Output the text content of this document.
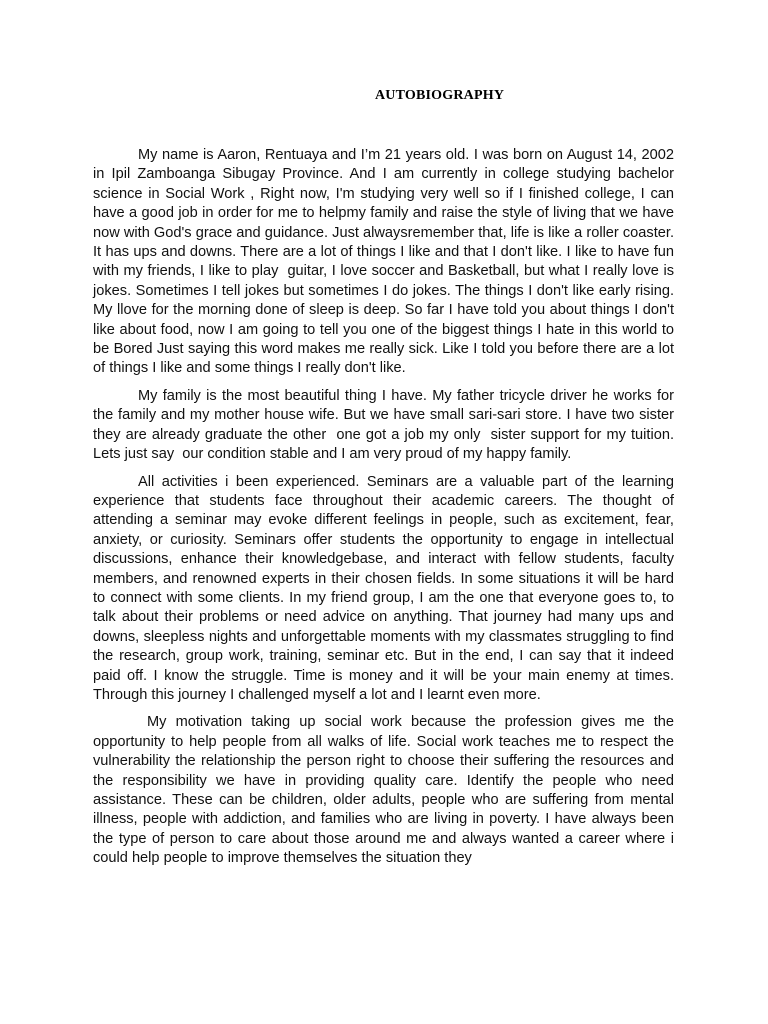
AUTOBIOGRAPHY

My name is Aaron, Rentuaya and I’m 21 years old. I was born on August 14, 2002  in Ipil Zamboanga Sibugay Province. And I am currently in college studying bachelor science in Social Work , Right now, I'm studying very well so if I finished college, I can have a good job in order for me to helpmy family and raise the style of living that we have now with God's grace and guidance. Just alwaysremember that, life is like a roller coaster. It has ups and downs. There are a lot of things I like and that I don't like. I like to have fun with my friends, I like to play  guitar, I love soccer and Basketball, but what I really love is jokes. Sometimes I tell jokes but sometimes I do jokes. The things I don't like early rising. My llove for the morning done of sleep is deep. So far I have told you about things I don't like about food, now I am going to tell you one of the biggest things I hate in this world to be Bored Just saying this word makes me really sick. Like I told you before there are a lot of things I like and some things I really don't like.

My family is the most beautiful thing I have. My father tricycle driver he works for the family and my mother house wife. But we have small sari-sari store. I have two sister they are already graduate the other  one got a job my only  sister support for my tuition. Lets just say  our condition stable and I am very proud of my happy family.

All activities i been experienced. Seminars are a valuable part of the learning experience that students face throughout their academic careers. The thought of attending a seminar may evoke different feelings in people, such as excitement, fear, anxiety, or curiosity. Seminars offer students the opportunity to engage in intellectual discussions, enhance their knowledgebase, and interact with fellow students, faculty members, and renowned experts in their chosen fields. In some situations it will be hard to connect with some clients. In my friend group, I am the one that everyone goes to, to talk about their problems or need advice on anything. That journey had many ups and downs, sleepless nights and unforgettable moments with my classmates struggling to find the research, group work, training, seminar etc. But in the end, I can say that it indeed paid off. I know the struggle. Time is money and it will be your main enemy at times. Through this journey I challenged myself a lot and I learnt even more.

My motivation taking up social work because the profession gives me the opportunity to help people from all walks of life. Social work teaches me to respect the vulnerability the relationship the person right to choose their suffering the resources and the responsibility we have in providing quality care. Identify the people who need assistance. These can be children, older adults, people who are suffering from mental illness, people with addiction, and families who are living in poverty. I have always been the type of person to care about those around me and always wanted a career where i could help people to improve themselves the situation they
